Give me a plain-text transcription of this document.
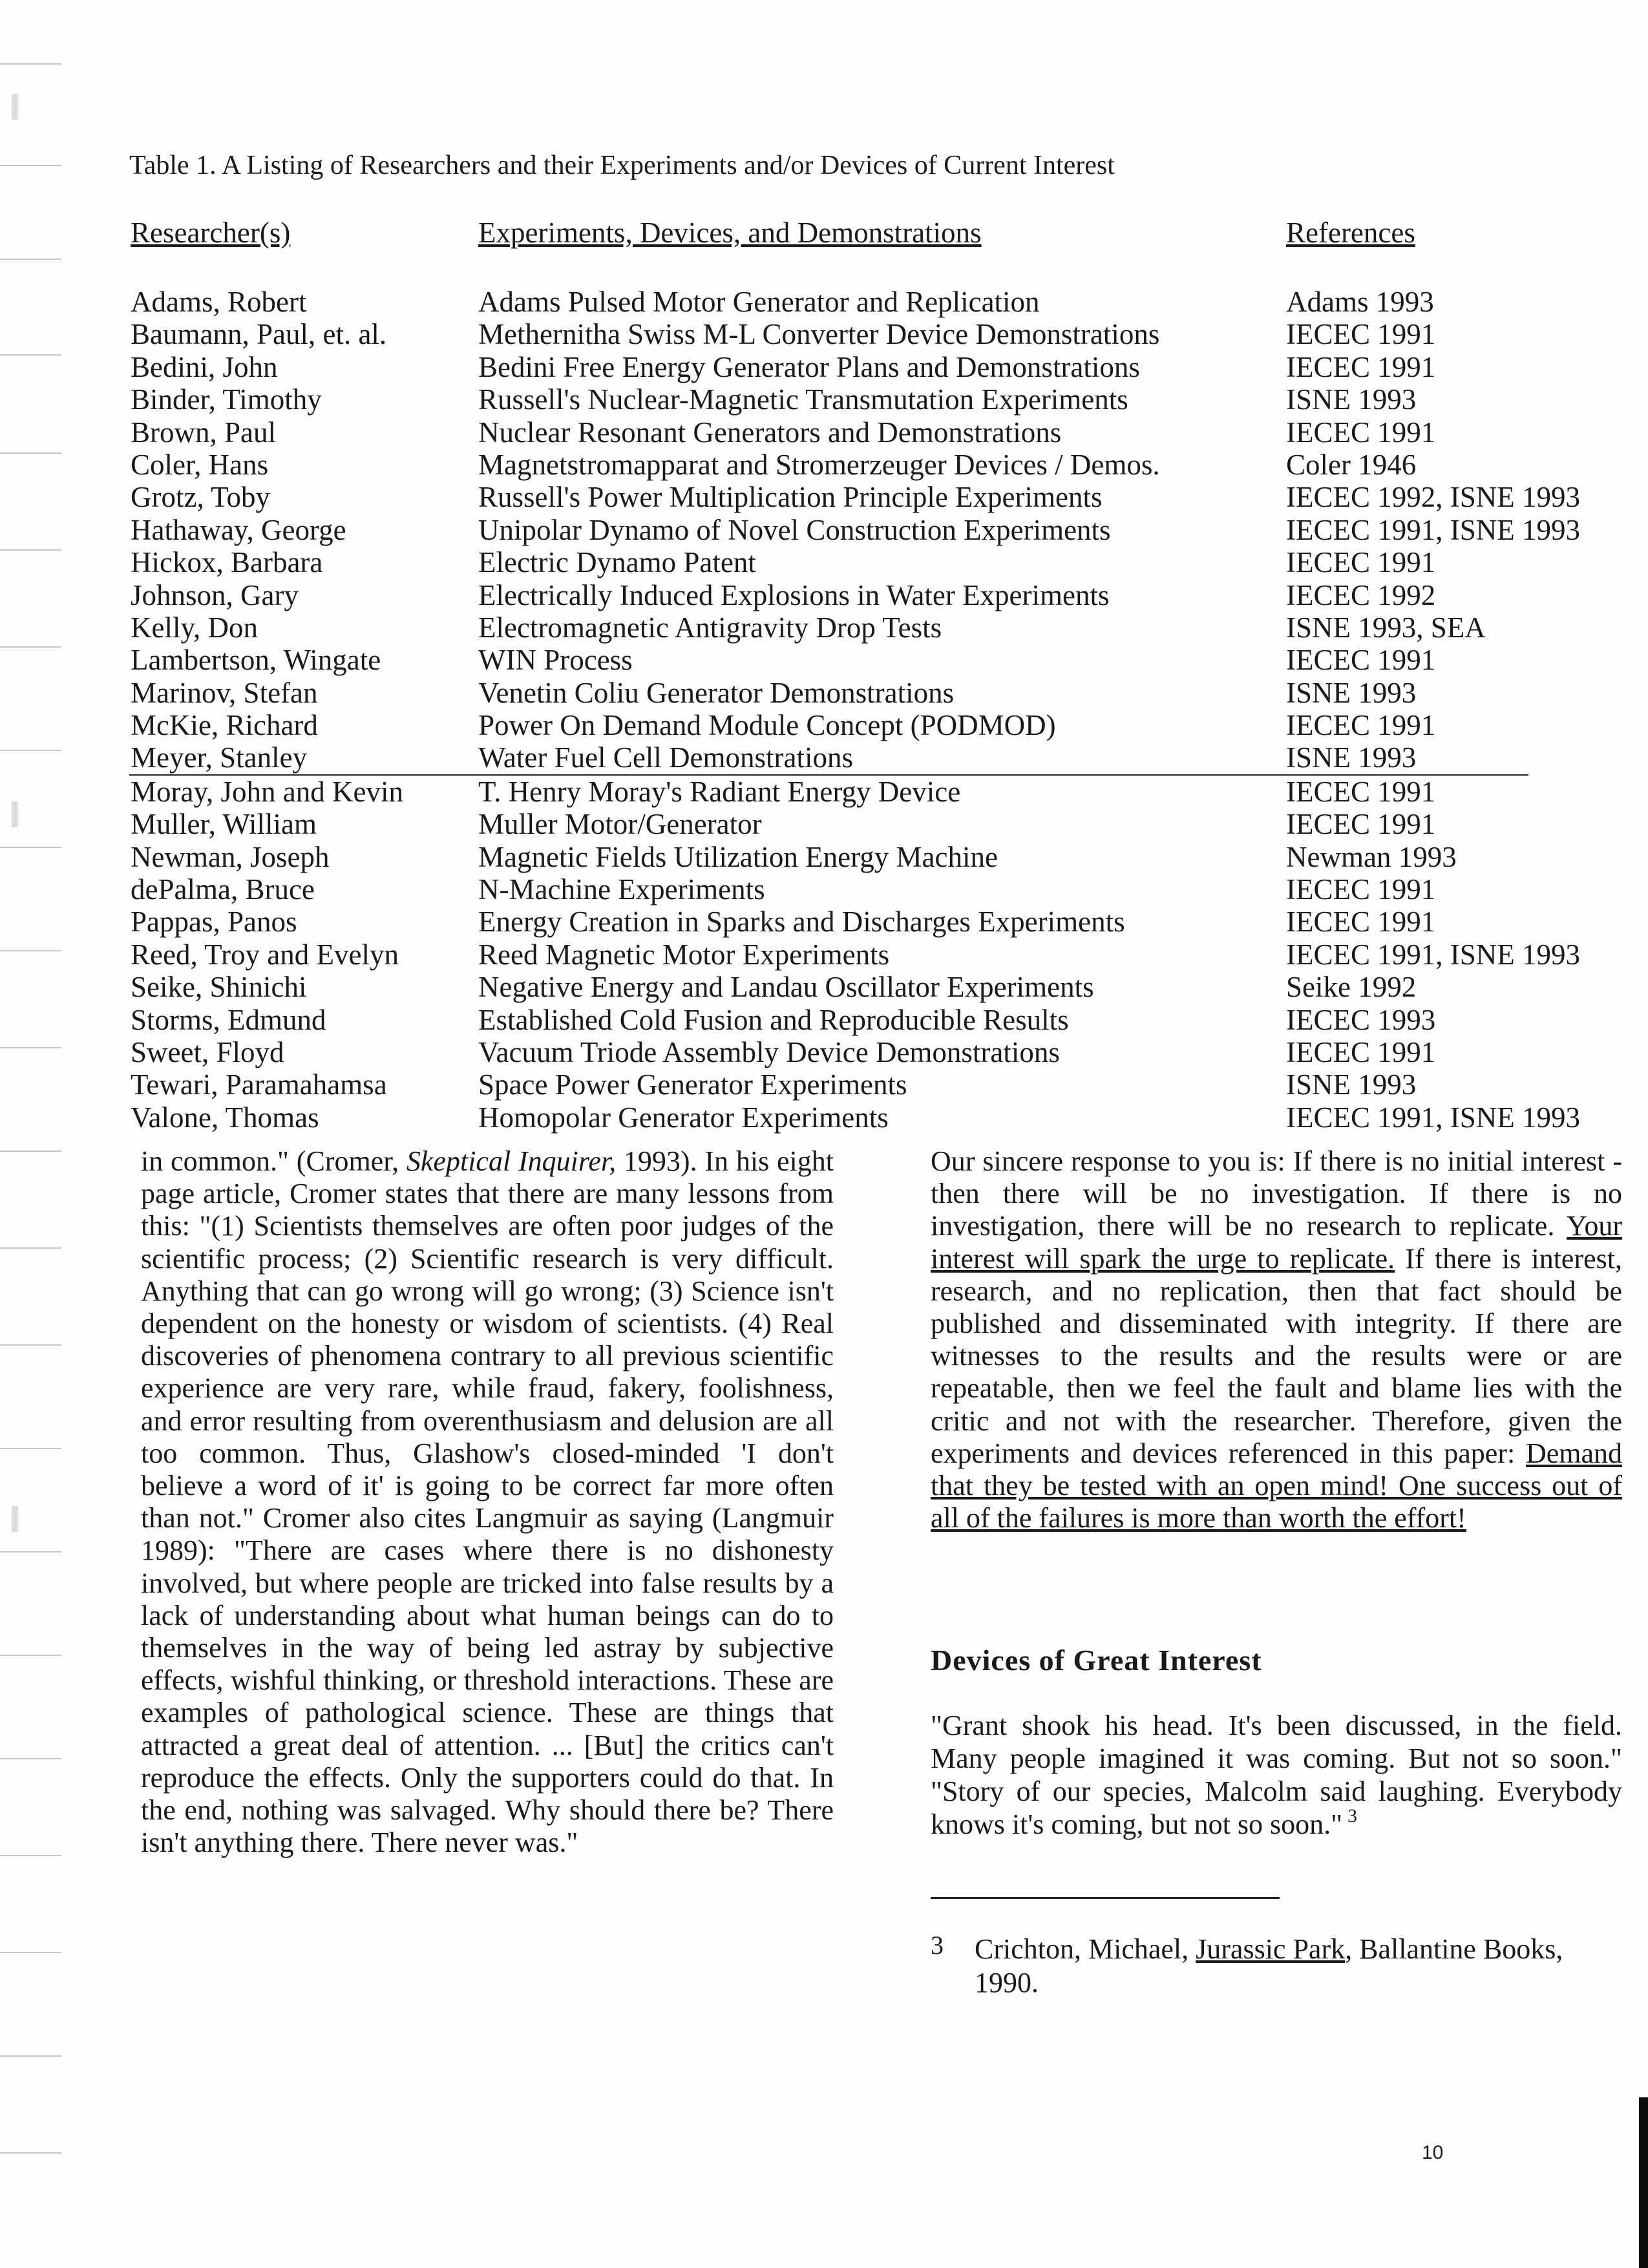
Table 1. A Listing of Researchers and their Experiments and/or Devices of Current Interest
Researcher(s)	Experiments, Devices, and Demonstrations	References
Adams, Robert	Adams Pulsed Motor Generator and Replication	Adams 1993
Baumann, Paul, et. al.	Methernitha Swiss M-L Converter Device Demonstrations	IECEC 1991
Bedini, John	Bedini Free Energy Generator Plans and Demonstrations	IECEC 1991
Binder, Timothy	Russell's Nuclear-Magnetic Transmutation Experiments	ISNE 1993
Brown, Paul	Nuclear Resonant Generators and Demonstrations	IECEC 1991
Coler, Hans	Magnetstromapparat and Stromerzeuger Devices / Demos.	Coler 1946
Grotz, Toby	Russell's Power Multiplication Principle Experiments	IECEC 1992, ISNE 1993
Hathaway, George	Unipolar Dynamo of Novel Construction Experiments	IECEC 1991, ISNE 1993
Hickox, Barbara	Electric Dynamo Patent	IECEC 1991
Johnson, Gary	Electrically Induced Explosions in Water Experiments	IECEC 1992
Kelly, Don	Electromagnetic Antigravity Drop Tests	ISNE 1993, SEA
Lambertson, Wingate	WIN Process	IECEC 1991
Marinov, Stefan	Venetin Coliu Generator Demonstrations	ISNE 1993
McKie, Richard	Power On Demand Module Concept (PODMOD)	IECEC 1991
Meyer, Stanley	Water Fuel Cell Demonstrations	ISNE 1993
Moray, John and Kevin	T. Henry Moray's Radiant Energy Device	IECEC 1991
Muller, William	Muller Motor/Generator	IECEC 1991
Newman, Joseph	Magnetic Fields Utilization Energy Machine	Newman 1993
dePalma, Bruce	N-Machine Experiments	IECEC 1991
Pappas, Panos	Energy Creation in Sparks and Discharges Experiments	IECEC 1991
Reed, Troy and Evelyn	Reed Magnetic Motor Experiments	IECEC 1991, ISNE 1993
Seike, Shinichi	Negative Energy and Landau Oscillator Experiments	Seike 1992
Storms, Edmund	Established Cold Fusion and Reproducible Results	IECEC 1993
Sweet, Floyd	Vacuum Triode Assembly Device Demonstrations	IECEC 1991
Tewari, Paramahamsa	Space Power Generator Experiments	ISNE 1993
Valone, Thomas	Homopolar Generator Experiments	IECEC 1991, ISNE 1993

in common." (Cromer, Skeptical Inquirer, 1993). In his eight page article, Cromer states that there are many lessons from this: "(1) Scientists themselves are often poor judges of the scientific process; (2) Scientific research is very difficult. Anything that can go wrong will go wrong; (3) Science isn't dependent on the honesty or wisdom of scientists. (4) Real discoveries of phenomena contrary to all previous scientific experience are very rare, while fraud, fakery, foolishness, and error resulting from overenthusiasm and delusion are all too common. Thus, Glashow's closed-minded 'I don't believe a word of it' is going to be correct far more often than not." Cromer also cites Langmuir as saying (Langmuir 1989): "There are cases where there is no dishonesty involved, but where people are tricked into false results by a lack of understanding about what human beings can do to themselves in the way of being led astray by subjective effects, wishful thinking, or threshold interactions. These are examples of pathological science. These are things that attracted a great deal of attention. ... [But] the critics can't reproduce the effects. Only the supporters could do that. In the end, nothing was salvaged. Why should there be? There isn't anything there. There never was."

Our sincere response to you is: If there is no initial interest - then there will be no investigation. If there is no investigation, there will be no research to replicate. Your interest will spark the urge to replicate. If there is interest, research, and no replication, then that fact should be published and disseminated with integrity. If there are witnesses to the results and the results were or are repeatable, then we feel the fault and blame lies with the critic and not with the researcher. Therefore, given the experiments and devices referenced in this paper: Demand that they be tested with an open mind! One success out of all of the failures is more than worth the effort!

Devices of Great Interest
"Grant shook his head. It's been discussed, in the field. Many people imagined it was coming. But not so soon." "Story of our species, Malcolm said laughing. Everybody knows it's coming, but not so soon." $^3$
3 Crichton, Michael, Jurassic Park, Ballantine Books, 1990.
10
